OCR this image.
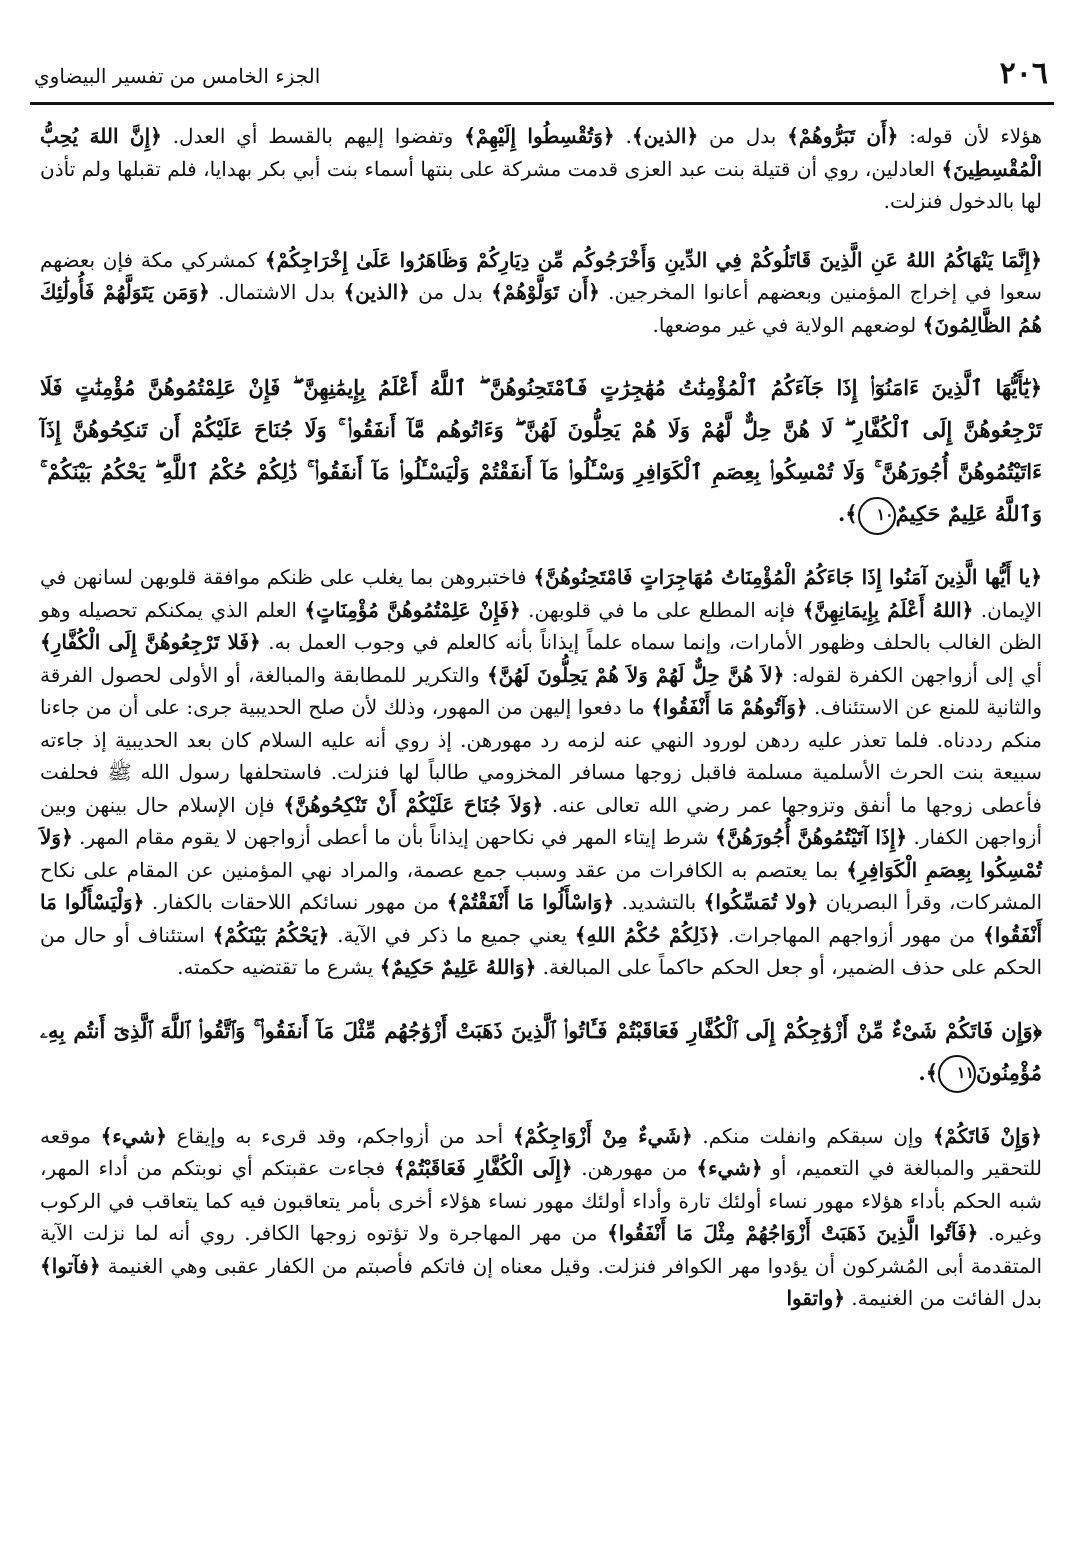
٢٠٦
الجزء الخامس من تفسير البيضاوي

هؤلاء لأن قوله: ﴿أَن تَبَرُّوهُمْ﴾ بدل من ﴿الذين﴾. ﴿وَتُقْسِطُوا إِلَيْهِمْ﴾ وتفضوا إليهم بالقسط أي العدل. ﴿إِنَّ اللهَ يُحِبُّ الْمُقْسِطِينَ﴾ العادلين، روي أن قتيلة بنت عبد العزى قدمت مشركة على بنتها أسماء بنت أبي بكر بهدايا، فلم تقبلها ولم تأذن لها بالدخول فنزلت.

﴿إِنَّمَا يَنْهَاكُمُ اللهُ عَنِ الَّذِينَ قَاتَلُوكُمْ فِي الدِّينِ وَأَخْرَجُوكُم مِّن دِيَارِكُمْ وَظَاهَرُوا عَلَىٰ إِخْرَاجِكُمْ﴾ كمشركي مكة فإن بعضهم سعوا في إخراج المؤمنين وبعضهم أعانوا المخرجين. ﴿أَن تَوَلَّوْهُمْ﴾ بدل من ﴿الذين﴾ بدل الاشتمال. ﴿وَمَن يَتَوَلَّهُمْ فَأُولَٰئِكَ هُمُ الظَّالِمُونَ﴾ لوضعهم الولاية في غير موضعها.

﴿يَٰٓأَيُّهَا ٱلَّذِينَ ءَامَنُوٓا۟ إِذَا جَآءَكُمُ ٱلْمُؤْمِنَٰتُ مُهَٰجِرَٰتٍ فَٱمْتَحِنُوهُنَّ ۖ ٱللَّهُ أَعْلَمُ بِإِيمَٰنِهِنَّ ۖ فَإِنْ عَلِمْتُمُوهُنَّ مُؤْمِنَٰتٍ فَلَا تَرْجِعُوهُنَّ إِلَى ٱلْكُفَّارِ ۖ لَا هُنَّ حِلٌّ لَّهُمْ وَلَا هُمْ يَحِلُّونَ لَهُنَّ ۖ وَءَاتُوهُم مَّآ أَنفَقُوا۟ ۚ وَلَا جُنَاحَ عَلَيْكُمْ أَن تَنكِحُوهُنَّ إِذَآ ءَاتَيْتُمُوهُنَّ أُجُورَهُنَّ ۚ وَلَا تُمْسِكُوا۟ بِعِصَمِ ٱلْكَوَافِرِ وَسْـَٔلُوا۟ مَآ أَنفَقْتُمْ وَلْيَسْـَٔلُوا۟ مَآ أَنفَقُوا۟ ۚ ذَٰلِكُمْ حُكْمُ ٱللَّهِ ۖ يَحْكُمُ بَيْنَكُمْ ۚ وَٱللَّهُ عَلِيمٌ حَكِيمٌ١٠﴾.

﴿يا أَيُّها الَّذِينَ آمَنُوا إِذَا جَاءَكُمُ الْمُؤْمِنَاتُ مُهَاجِرَاتٍ فَامْتَحِنُوهُنَّ﴾ فاختبروهن بما يغلب على ظنكم موافقة قلوبهن لسانهن في الإيمان. ﴿اللهُ أَعْلَمُ بِإِيمَانِهِنَّ﴾ فإنه المطلع على ما في قلوبهن. ﴿فَإِنْ عَلِمْتُمُوهُنَّ مُؤْمِنَاتٍ﴾ العلم الذي يمكنكم تحصيله وهو الظن الغالب بالحلف وظهور الأمارات، وإنما سماه علماً إيذاناً بأنه كالعلم في وجوب العمل به. ﴿فَلا تَرْجِعُوهُنَّ إِلَى الْكُفَّارِ﴾ أي إلى أزواجهن الكفرة لقوله: ﴿لاَ هُنَّ حِلٌّ لَهُمْ وَلاَ هُمْ يَحِلُّونَ لَهُنَّ﴾ والتكرير للمطابقة والمبالغة، أو الأولى لحصول الفرقة والثانية للمنع عن الاستئناف. ﴿وَآتُوهُمْ مَا أَنْفَقُوا﴾ ما دفعوا إليهن من المهور، وذلك لأن صلح الحديبية جرى: على أن من جاءنا منكم رددناه. فلما تعذر عليه ردهن لورود النهي عنه لزمه رد مهورهن. إذ روي أنه عليه السلام كان بعد الحديبية إذ جاءته سبيعة بنت الحرث الأسلمية مسلمة فاقبل زوجها مسافر المخزومي طالباً لها فنزلت. فاستحلفها رسول الله ﷺ فحلفت فأعطى زوجها ما أنفق وتزوجها عمر رضي الله تعالى عنه. ﴿وَلاَ جُنَاحَ عَلَيْكُمْ أَنْ تَنْكِحُوهُنَّ﴾ فإن الإسلام حال بينهن وبين أزواجهن الكفار. ﴿إِذَا آتَيْتُمُوهُنَّ أُجُورَهُنَّ﴾ شرط إيتاء المهر في نكاحهن إيذاناً بأن ما أعطى أزواجهن لا يقوم مقام المهر. ﴿وَلاَ تُمْسِكُوا بِعِصَمِ الْكَوَافِرِ﴾ بما يعتصم به الكافرات من عقد وسبب جمع عصمة، والمراد نهي المؤمنين عن المقام على نكاح المشركات، وقرأ البصريان ﴿ولا تُمَسِّكُوا﴾ بالتشديد. ﴿وَاسْأَلُوا مَا أَنْفَقْتُمْ﴾ من مهور نسائكم اللاحقات بالكفار. ﴿وَلْيَسْأَلُوا مَا أَنْفَقُوا﴾ من مهور أزواجهم المهاجرات. ﴿ذَلِكُمْ حُكْمُ اللهِ﴾ يعني جميع ما ذكر في الآية. ﴿يَحْكُمُ بَيْنَكُمْ﴾ استئناف أو حال من الحكم على حذف الضمير، أو جعل الحكم حاكماً على المبالغة. ﴿وَاللهُ عَلِيمٌ حَكِيمٌ﴾ يشرع ما تقتضيه حكمته.

﴿وَإِن فَاتَكُمْ شَىْءٌ مِّنْ أَزْوَٰجِكُمْ إِلَى ٱلْكُفَّارِ فَعَاقَبْتُمْ فَـَٔاتُوا۟ ٱلَّذِينَ ذَهَبَتْ أَزْوَٰجُهُم مِّثْلَ مَآ أَنفَقُوا۟ ۚ وَٱتَّقُوا۟ ٱللَّهَ ٱلَّذِىٓ أَنتُم بِهِۦ مُؤْمِنُونَ١١﴾.

﴿وَإِنْ فَاتَكُمْ﴾ وإن سبقكم وانفلت منكم. ﴿شَيءٌ مِنْ أَزْوَاجِكُمْ﴾ أحد من أزواجكم، وقد قرىء به وإيقاع ﴿شيء﴾ موقعه للتحقير والمبالغة في التعميم، أو ﴿شيء﴾ من مهورهن. ﴿إِلَى الْكُفَّارِ فَعَاقَبْتُمْ﴾ فجاءت عقبتكم أي نوبتكم من أداء المهر، شبه الحكم بأداء هؤلاء مهور نساء أولئك تارة وأداء أولئك مهور نساء هؤلاء أخرى بأمر يتعاقبون فيه كما يتعاقب في الركوب وغيره. ﴿فَآتُوا الَّذِينَ ذَهَبَتْ أَزْوَاجُهُمْ مِثْلَ مَا أَنْفَقُوا﴾ من مهر المهاجرة ولا تؤتوه زوجها الكافر. روي أنه لما نزلت الآية المتقدمة أبى المُشركون أن يؤدوا مهر الكوافر فنزلت. وقيل معناه إن فاتكم فأصبتم من الكفار عقبى وهي الغنيمة ﴿فآتوا﴾ بدل الفائت من الغنيمة. ﴿واتقوا
